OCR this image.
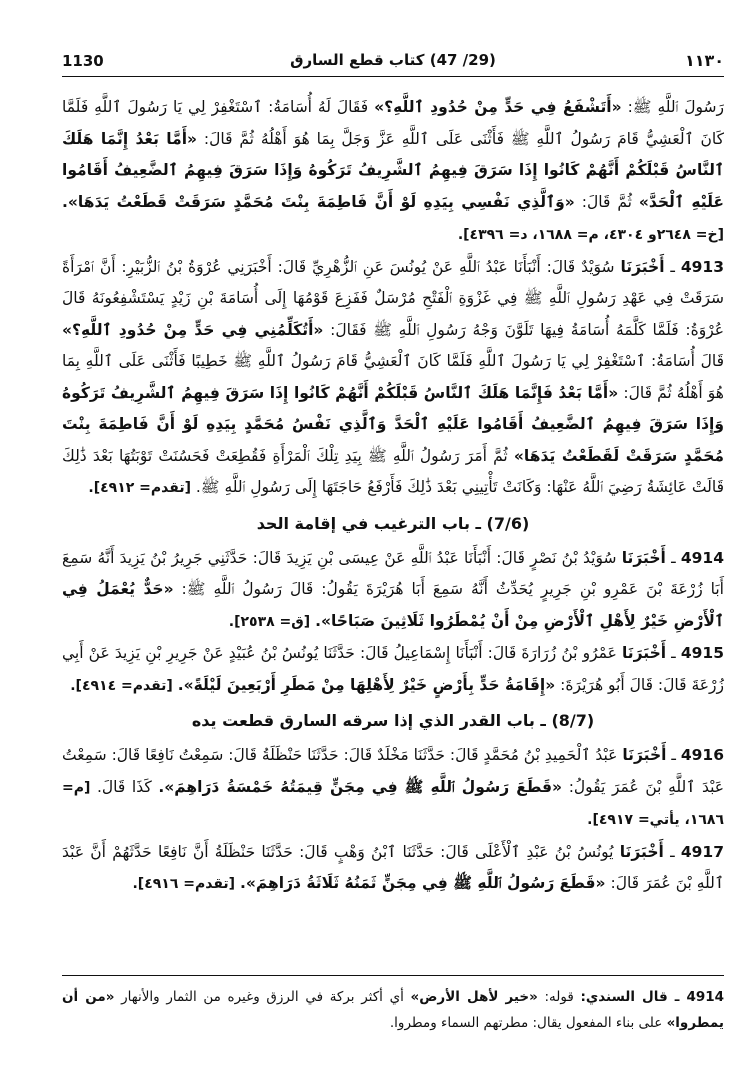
1130	(29/ 47) كتاب قطع السارق	١١٣٠

رَسُولَ ٱللَّهِ ﷺ: «أَتَشْفَعُ فِي حَدٍّ مِنْ حُدُودِ ٱللَّهِ؟» فَقَالَ لَهُ أُسَامَةُ: ٱسْتَغْفِرْ لِي يَا رَسُولَ ٱللَّهِ فَلَمَّا كَانَ ٱلْعَشِيُّ قَامَ رَسُولُ ٱللَّهِ ﷺ فَأَثْنَى عَلَى ٱللَّهِ عَزَّ وَجَلَّ بِمَا هُوَ أَهْلُهُ ثُمَّ قَالَ: «أَمَّا بَعْدُ إِنَّمَا هَلَكَ ٱلنَّاسُ قَبْلَكُمْ أَنَّهُمْ كَانُوا إِذَا سَرَقَ فِيهِمُ ٱلشَّرِيفُ تَرَكُوهُ وَإِذَا سَرَقَ فِيهِمُ ٱلضَّعِيفُ أَقَامُوا عَلَيْهِ ٱلْحَدَّ» ثُمَّ قَالَ: «وَٱلَّذِي نَفْسِي بِيَدِهِ لَوْ أَنَّ فَاطِمَةَ بِنْتَ مُحَمَّدٍ سَرَقَتْ قَطَعْتُ يَدَهَا». [خ= ٢٦٤٨و ٤٣٠٤، م= ١٦٨٨، د= ٤٣٩٦].

4913 ـ أَخْبَرَنَا سُوَيْدٌ قَالَ: أَنْبَأَنَا عَبْدُ ٱللَّهِ عَنْ يُونُسَ عَنِ ٱلزُّهْرِيِّ قَالَ: أَخْبَرَنِي عُرْوَةُ بْنُ ٱلزُّبَيْرِ: أَنَّ ٱمْرَأَةً سَرَقَتْ فِي عَهْدِ رَسُولِ ٱللَّهِ ﷺ فِي غَزْوَةِ ٱلْفَتْحِ مُرْسَلٌ فَفَزِعَ قَوْمُهَا إِلَى أُسَامَةَ بْنِ زَيْدٍ يَسْتَشْفِعُونَهُ قَالَ عُرْوَةُ: فَلَمَّا كَلَّمَهُ أُسَامَةُ فِيهَا تَلَوَّنَ وَجْهُ رَسُولِ ٱللَّهِ ﷺ فَقَالَ: «أَتُكَلِّمُنِي فِي حَدٍّ مِنْ حُدُودِ ٱللَّهِ؟» قَالَ أُسَامَةُ: ٱسْتَغْفِرْ لِي يَا رَسُولَ ٱللَّهِ فَلَمَّا كَانَ ٱلْعَشِيُّ قَامَ رَسُولُ ٱللَّهِ ﷺ خَطِيبًا فَأَثْنَى عَلَى ٱللَّهِ بِمَا هُوَ أَهْلُهُ ثُمَّ قَالَ: «أَمَّا بَعْدُ فَإِنَّمَا هَلَكَ ٱلنَّاسُ قَبْلَكُمْ أَنَّهُمْ كَانُوا إِذَا سَرَقَ فِيهِمُ ٱلشَّرِيفُ تَرَكُوهُ وَإِذَا سَرَقَ فِيهِمُ ٱلضَّعِيفُ أَقَامُوا عَلَيْهِ ٱلْحَدَّ وَٱلَّذِي نَفْسُ مُحَمَّدٍ بِيَدِهِ لَوْ أَنَّ فَاطِمَةَ بِنْتَ مُحَمَّدٍ سَرَقَتْ لَقَطَعْتُ يَدَهَا» ثُمَّ أَمَرَ رَسُولُ ٱللَّهِ ﷺ بِيَدِ تِلْكَ ٱلْمَرْأَةِ فَقُطِعَتْ فَحَسُنَتْ تَوْبَتُهَا بَعْدَ ذَٰلِكَ قَالَتْ عَائِشَةُ رَضِيَ ٱللَّهُ عَنْهَا: وَكَانَتْ تَأْتِينِي بَعْدَ ذَٰلِكَ فَأَرْفَعُ حَاجَتَهَا إِلَى رَسُولِ ٱللَّهِ ﷺ. [تقدم= ٤٩١٢].

(7/6) ـ باب الترغيب في إقامة الحد

4914 ـ أَخْبَرَنَا سُوَيْدُ بْنُ نَصْرٍ قَالَ: أَنْبَأَنَا عَبْدُ ٱللَّهِ عَنْ عِيسَى بْنِ يَزِيدَ قَالَ: حَدَّثَنِي جَرِيرُ بْنُ يَزِيدَ أَنَّهُ سَمِعَ أَبَا زُرْعَةَ بْنَ عَمْرِو بْنِ جَرِيرٍ يُحَدِّثُ أَنَّهُ سَمِعَ أَبَا هُرَيْرَةَ يَقُولُ: قَالَ رَسُولُ ٱللَّهِ ﷺ: «حَدٌّ يُعْمَلُ فِي ٱلْأَرْضِ خَيْرٌ لِأَهْلِ ٱلْأَرْضِ مِنْ أَنْ يُمْطَرُوا ثَلَاثِينَ صَبَاحًا». [ق= ٢٥٣٨].

4915 ـ أَخْبَرَنَا عَمْرُو بْنُ زُرَارَةَ قَالَ: أَنْبَأَنَا إِسْمَاعِيلُ قَالَ: حَدَّثَنَا يُونُسُ بْنُ عُبَيْدٍ عَنْ جَرِيرِ بْنِ يَزِيدَ عَنْ أَبِي زُرْعَةَ قَالَ: قَالَ أَبُو هُرَيْرَةَ: «إِقَامَةُ حَدٍّ بِأَرْضٍ خَيْرٌ لِأَهْلِهَا مِنْ مَطَرِ أَرْبَعِينَ لَيْلَةً». [تقدم= ٤٩١٤].

(8/7) ـ باب القدر الذي إذا سرقه السارق قطعت يده

4916 ـ أَخْبَرَنَا عَبْدُ ٱلْحَمِيدِ بْنُ مُحَمَّدٍ قَالَ: حَدَّثَنَا مَخْلَدٌ قَالَ: حَدَّثَنَا حَنْظَلَةُ قَالَ: سَمِعْتُ نَافِعًا قَالَ: سَمِعْتُ عَبْدَ ٱللَّهِ بْنَ عُمَرَ يَقُولُ: «قَطَعَ رَسُولُ ٱللَّهِ ﷺ فِي مِجَنٍّ قِيمَتُهُ خَمْسَةُ دَرَاهِمَ». كَذَا قَالَ. [م= ١٦٨٦، يأتي= ٤٩١٧].

4917 ـ أَخْبَرَنَا يُونُسُ بْنُ عَبْدِ ٱلْأَعْلَى قَالَ: حَدَّثَنَا ٱبْنُ وَهْبٍ قَالَ: حَدَّثَنَا حَنْظَلَةُ أَنَّ نَافِعًا حَدَّثَهُمْ أَنَّ عَبْدَ ٱللَّهِ بْنَ عُمَرَ قَالَ: «قَطَعَ رَسُولُ ٱللَّهِ ﷺ فِي مِجَنٍّ ثَمَنُهُ ثَلَاثَةُ دَرَاهِمَ». [تقدم= ٤٩١٦].

4914 ـ قال السندي: قوله: «خير لأهل الأرض» أي أكثر بركة في الرزق وغيره من الثمار والأنهار «من أن يمطروا» على بناء المفعول يقال: مطرتهم السماء ومطروا.
